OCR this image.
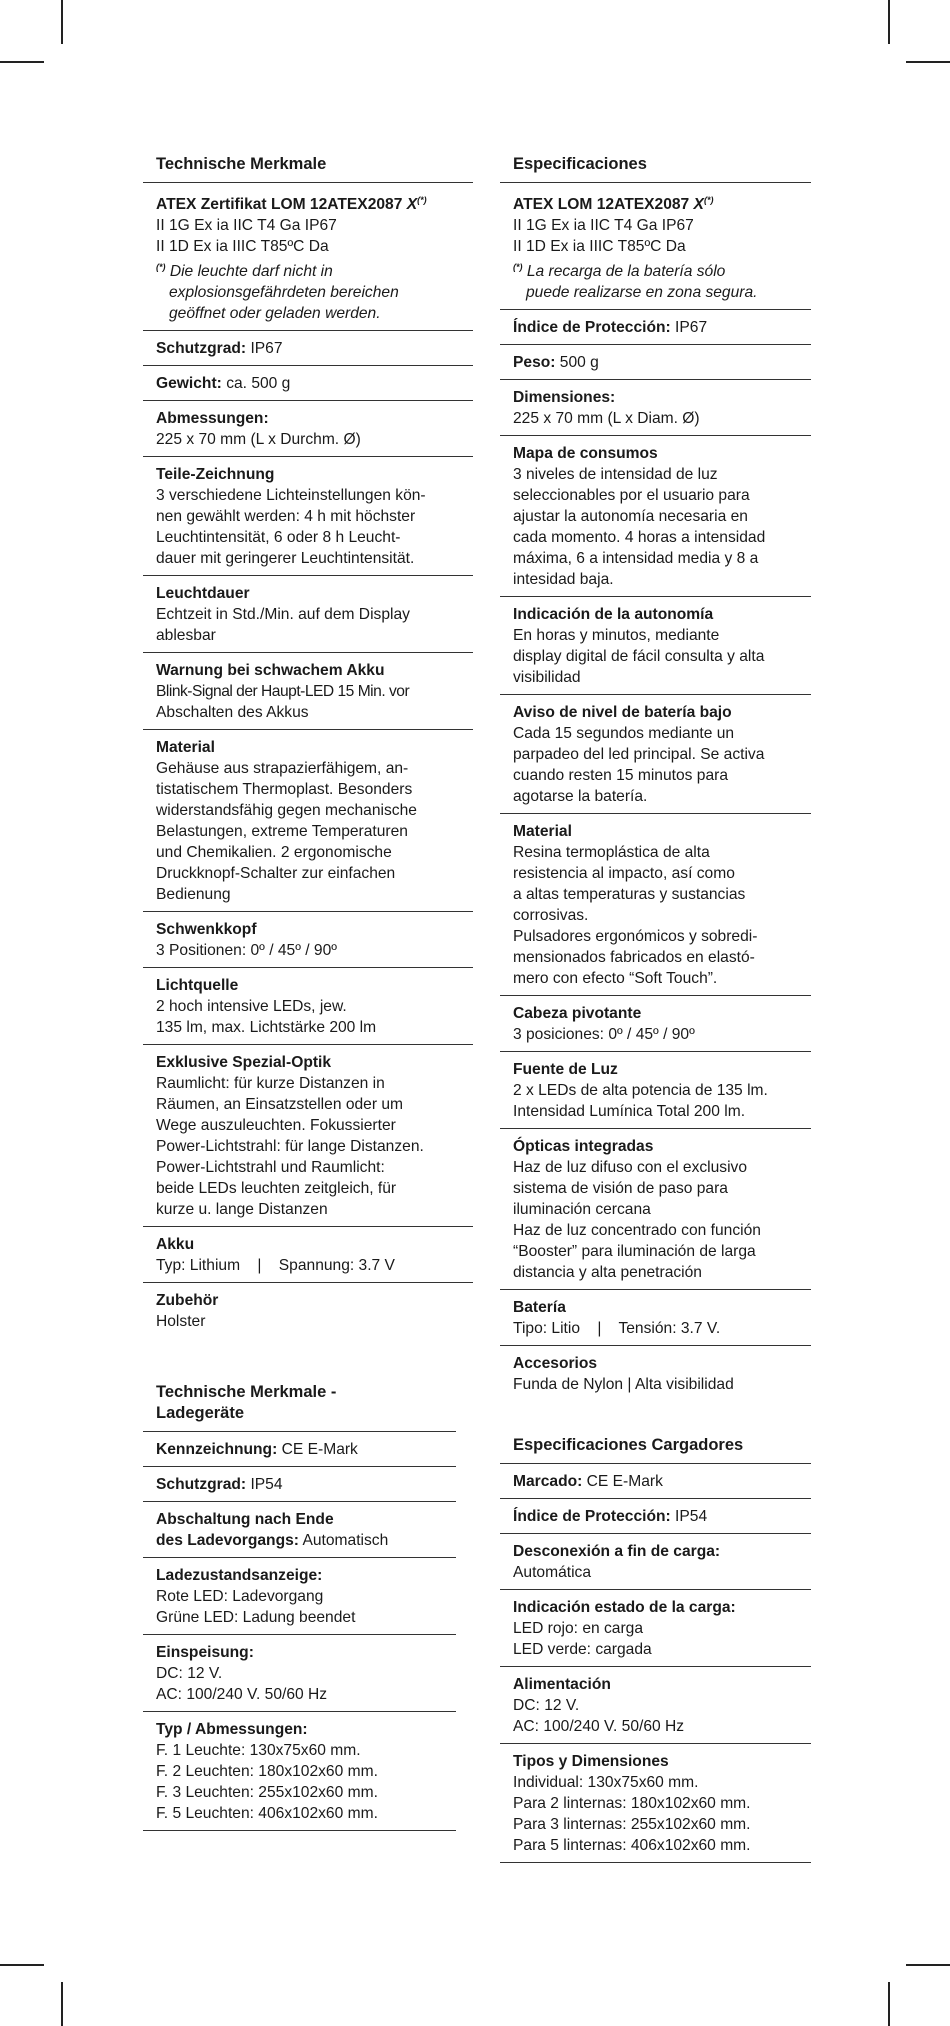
Technische Merkmale
ATEX Zertifikat LOM 12ATEX2087 X(*)
II 1G Ex ia IIC T4 Ga IP67
II 1D Ex ia IIIC T85ºC Da
(*) Die leuchte darf nicht in
explosionsgefährdeten bereichen
geöffnet oder geladen werden.
Schutzgrad: IP67
Gewicht: ca. 500 g
Abmessungen:
225 x 70 mm (L x Durchm. Ø)
Teile-Zeichnung
3 verschiedene Lichteinstellungen kön-
nen gewählt werden: 4 h mit höchster
Leuchtintensität, 6 oder 8 h Leucht-
dauer mit geringerer Leuchtintensität.
Leuchtdauer
Echtzeit in Std./Min. auf dem Display
ablesbar
Warnung bei schwachem Akku
Blink-Signal der Haupt-LED 15 Min. vor
Abschalten des Akkus
Material
Gehäuse aus strapazierfähigem, an-
tistatischem Thermoplast. Besonders
widerstandsfähig gegen mechanische
Belastungen, extreme Temperaturen
und Chemikalien. 2 ergonomische
Druckknopf-Schalter zur einfachen
Bedienung
Schwenkkopf
3 Positionen: 0º / 45º / 90º
Lichtquelle
2 hoch intensive LEDs, jew.
135 lm, max. Lichtstärke 200 lm
Exklusive Spezial-Optik
Raumlicht: für kurze Distanzen in
Räumen, an Einsatzstellen oder um
Wege auszuleuchten. Fokussierter
Power-Lichtstrahl: für lange Distanzen.
Power-Lichtstrahl und Raumlicht:
beide LEDs leuchten zeitgleich, für
kurze u. lange Distanzen
Akku
Typ: Lithium    |    Spannung: 3.7 V
Zubehör
Holster
Technische Merkmale -
Ladegeräte
Kennzeichnung: CE E-Mark
Schutzgrad: IP54
Abschaltung nach Ende
des Ladevorgangs: Automatisch
Ladezustandsanzeige:
Rote LED: Ladevorgang
Grüne LED: Ladung beendet
Einspeisung:
DC: 12 V.
AC: 100/240 V. 50/60 Hz
Typ / Abmessungen:
F. 1 Leuchte: 130x75x60 mm.
F. 2 Leuchten: 180x102x60 mm.
F. 3 Leuchten: 255x102x60 mm.
F. 5 Leuchten: 406x102x60 mm.
Especificaciones
ATEX LOM 12ATEX2087 X(*)
II 1G Ex ia IIC T4 Ga IP67
II 1D Ex ia IIIC T85ºC Da
(*) La recarga de la batería sólo
puede realizarse en zona segura.
Índice de Protección: IP67
Peso: 500 g
Dimensiones:
225 x 70 mm (L x Diam. Ø)
Mapa de consumos
3 niveles de intensidad de luz
seleccionables por el usuario para
ajustar la autonomía necesaria en
cada momento. 4 horas a intensidad
máxima, 6 a intensidad media y 8 a
intesidad baja.
Indicación de la autonomía
En horas y minutos, mediante
display digital de fácil consulta y alta
visibilidad
Aviso de nivel de batería bajo
Cada 15 segundos mediante un
parpadeo del led principal. Se activa
cuando resten 15 minutos para
agotarse la batería.
Material
Resina termoplástica de alta
resistencia al impacto, así como
a altas temperaturas y sustancias
corrosivas.
Pulsadores ergonómicos y sobredi-
mensionados fabricados en elastó-
mero con efecto “Soft Touch”.
Cabeza pivotante
3 posiciones: 0º / 45º / 90º
Fuente de Luz
2 x LEDs de alta potencia de 135 lm.
Intensidad Lumínica Total 200 lm.
Ópticas integradas
Haz de luz difuso con el exclusivo
sistema de visión de paso para
iluminación cercana
Haz de luz concentrado con función
“Booster” para iluminación de larga
distancia y alta penetración
Batería
Tipo: Litio    |    Tensión: 3.7 V.
Accesorios
Funda de Nylon | Alta visibilidad
Especificaciones Cargadores
Marcado: CE E-Mark
Índice de Protección: IP54
Desconexión a fin de carga:
Automática
Indicación estado de la carga:
LED rojo: en carga
LED verde: cargada
Alimentación
DC: 12 V.
AC: 100/240 V. 50/60 Hz
Tipos y Dimensiones
Individual: 130x75x60 mm.
Para 2 linternas: 180x102x60 mm.
Para 3 linternas: 255x102x60 mm.
Para 5 linternas: 406x102x60 mm.
